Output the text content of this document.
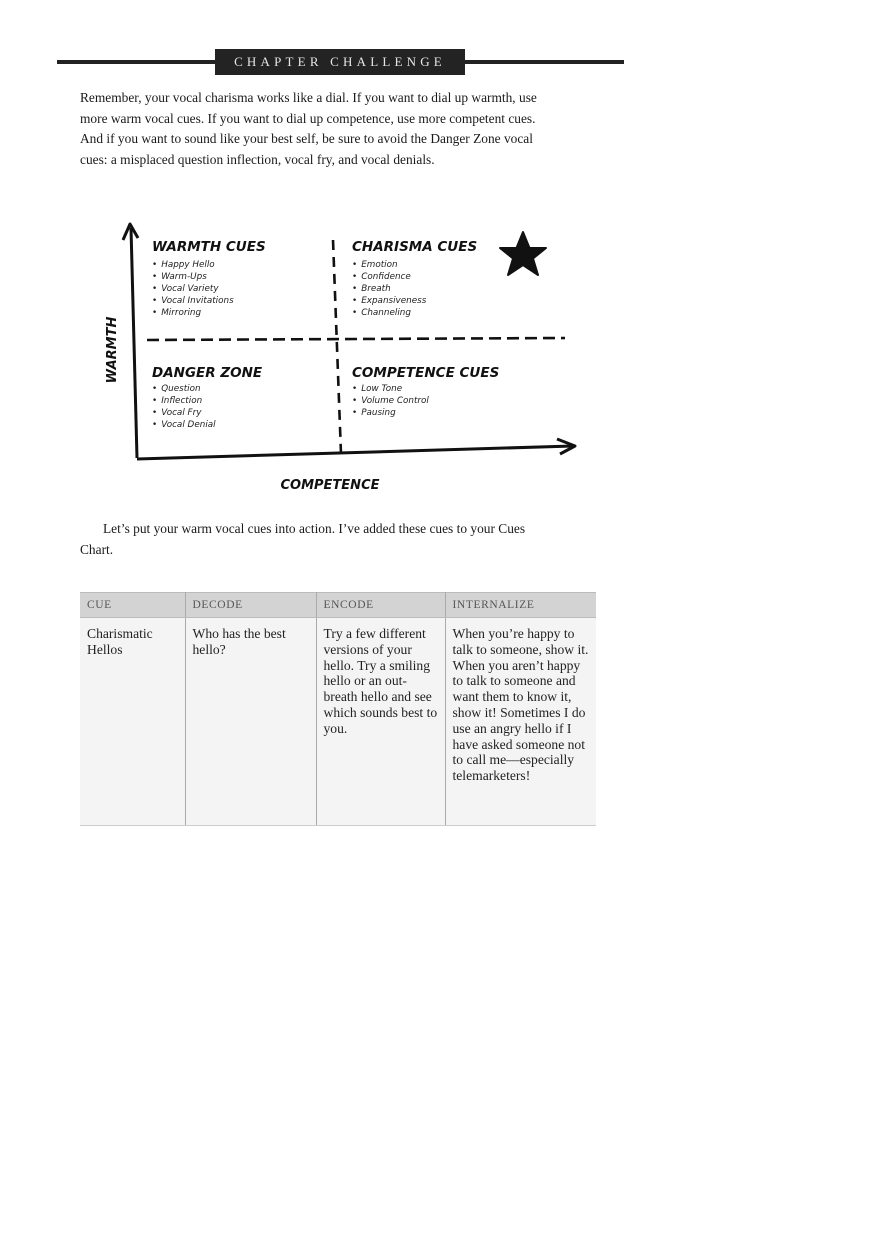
CHAPTER CHALLENGE

Remember, your vocal charisma works like a dial. If you want to dial up warmth, use more warm vocal cues. If you want to dial up competence, use more competent cues. And if you want to sound like your best self, be sure to avoid the Danger Zone vocal cues: a misplaced question inflection, vocal fry, and vocal denials.

WARMTH
COMPETENCE
WARMTH CUES	CHARISMA CUES
DANGER ZONE	COMPETENCE CUES
• Happy Hello
• Warm-Ups
• Vocal Variety
• Vocal Invitations
• Mirroring
• Emotion
• Confidence
• Breath
• Expansiveness
• Channeling
• Question
• Inflection
• Vocal Fry
• Vocal Denial
• Low Tone
• Volume Control
• Pausing

Let’s put your warm vocal cues into action. I’ve added these cues to your Cues Chart.

CUE	DECODE	ENCODE	INTERNALIZE
Charismatic Hellos	Who has the best hello?	Try a few different versions of your hello. Try a smiling hello or an out-breath hello and see which sounds best to you.	When you’re happy to talk to someone, show it. When you aren’t happy to talk to someone and want them to know it, show it! Sometimes I do use an angry hello if I have asked someone not to call me—especially telemarketers!
